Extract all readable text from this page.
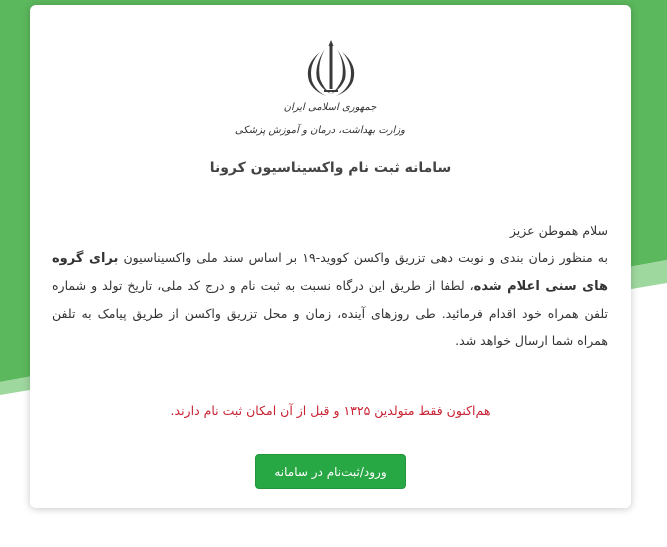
جمهوری اسلامی ایران
وزارت بهداشت، درمان و آموزش پزشکی
سامانه ثبت نام واکسیناسیون کرونا

سلام هموطن عزیز

به منظور زمان بندی و نوبت دهی تزریق واکسن کووید-۱۹ بر اساس سند ملی واکسیناسیون برای گروه های سنی اعلام شده، لطفا از طریق این درگاه نسبت به ثبت نام و درج کد ملی، تاریخ تولد و شماره تلفن همراه خود اقدام فرمائید. طی روزهای آینده، زمان و محل تزریق واکسن از طریق پیامک به تلفن همراه شما ارسال خواهد شد.

هم‌اکنون فقط متولدین ۱۳۲۵ و قبل از آن امکان ثبت نام دارند.
ورود/ثبت‌نام در سامانه
